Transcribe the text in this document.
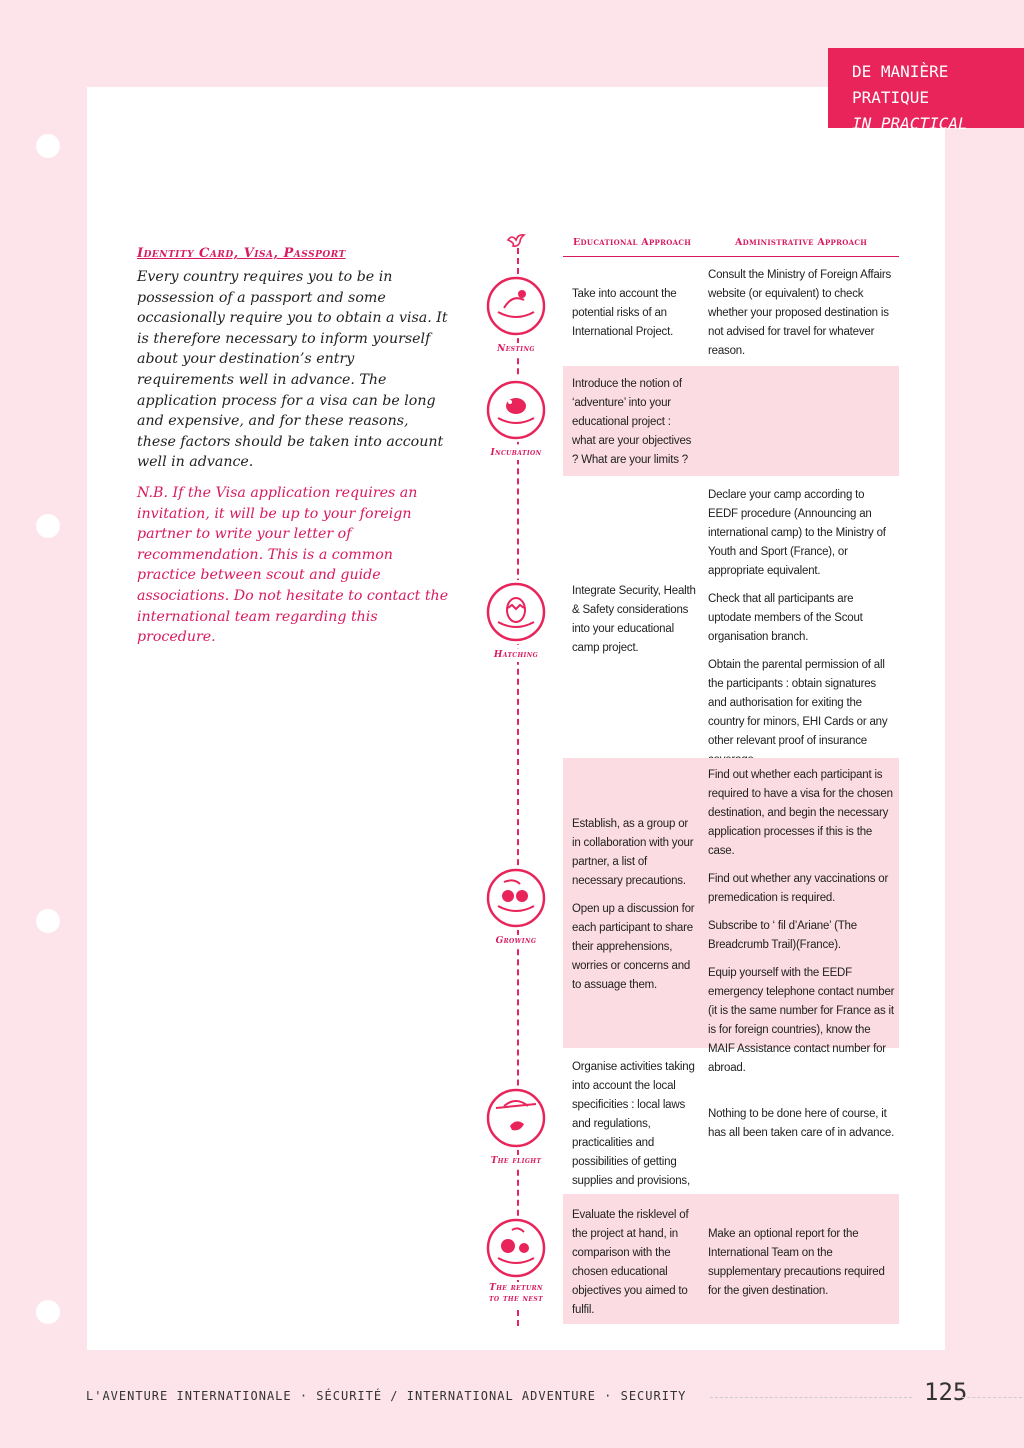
DE MANIÈRE PRATIQUE
IN PRACTICAL TERMS
Identity Card, Visa, Passport

Every country requires you to be in possession of a passport and some occasionally require you to obtain a visa. It is therefore necessary to inform yourself about your destination’s entry requirements well in advance. The application process for a visa can be long and expensive, and for these reasons, these factors should be taken into account well in advance.

N.B. If the Visa application requires an invitation, it will be up to your foreign partner to write your letter of recommendation. This is a common practice between scout and guide associations. Do not hesitate to contact the international team regarding this procedure.

Nesting
Incubation
Hatching
Growing
The flight
The return to the nest
Educational Approach	Administrative Approach

Take into account the potential risks of an International Project.

Consult the Ministry of Foreign Affairs website (or equivalent) to check whether your proposed destination is not advised for travel for whatever reason.

Introduce the notion of ‘adventure’ into your educational project : what are your objectives ? What are your limits ?

Integrate Security, Health & Safety considerations into your educational camp project.

Declare your camp according to EEDF procedure (Announcing an international camp) to the Ministry of Youth and Sport (France), or appropriate equivalent.

Check that all participants are uptodate members of the Scout organisation branch.

Obtain the parental permission of all the participants : obtain signatures and authorisation for exiting the country for minors, EHI Cards or any other relevant proof of insurance

Establish, as a group or in collaboration with your partner, a list of necessary precautions.

Open up a discussion for each participant to share their apprehensions, worries or concerns and to assuage them.

Find out whether each participant is required to have a visa for the chosen destination, and begin the necessary application processes if this is the case.

Find out whether any vaccinations or premedication is required.

Subscribe to ‘ fil d’Ariane’ (The Breadcrumb Trail)(France).

Equip yourself with the EEDF emergency telephone contact number (it is the same number for France as it is for foreign countries), know the MAIF Assistance contact number for abroad.

Organise activities taking into account the local specificities : local laws and regulations, practicalities and possibilities of getting supplies and provisions,

Nothing to be done here of course, it has all been taken care of in advance.

Evaluate the risklevel of the project at hand, in comparison with the chosen educational objectives you aimed to fulfil.

Make an optional report for the International Team on the supplementary precautions required for the given destination.

L'AVENTURE INTERNATIONALE · SÉCURITÉ / INTERNATIONAL ADVENTURE · SECURITY	125
